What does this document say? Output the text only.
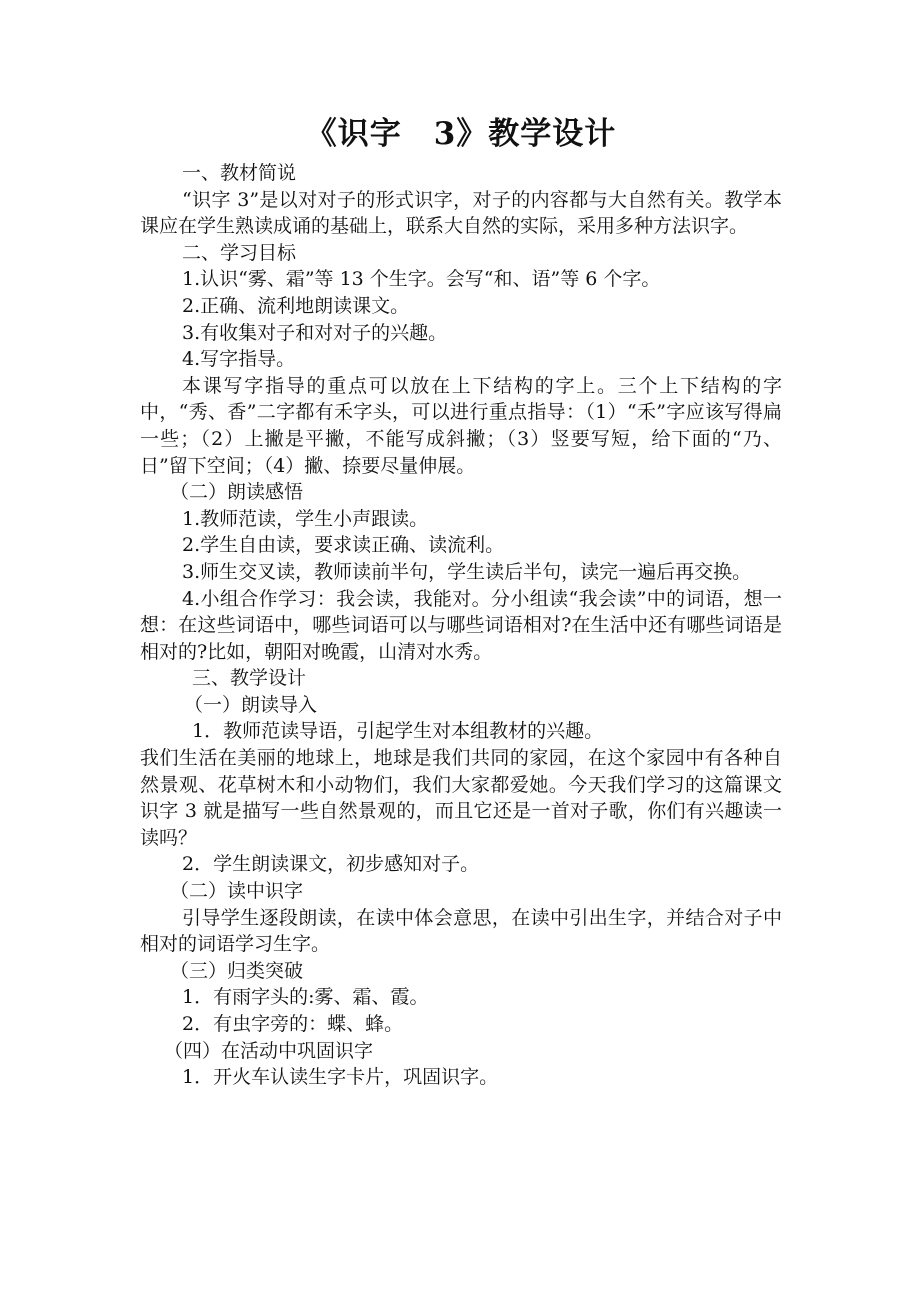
《识字　3》教学设计

一、教材简说

“识字 3”是以对对子的形式识字，对子的内容都与大自然有关。教学本课应在学生熟读成诵的基础上，联系大自然的实际，采用多种方法识字。

二、学习目标

1.认识“雾、霜”等 13 个生字。会写“和、语”等 6 个字。

2.正确、流利地朗读课文。

3.有收集对子和对对子的兴趣。

4.写字指导。

本课写字指导的重点可以放在上下结构的字上。三个上下结构的字中，“秀、香”二字都有禾字头，可以进行重点指导：（1）“禾”字应该写得扁一些；（2）上撇是平撇，不能写成斜撇；（3）竖要写短，给下面的“乃、日”留下空间；（4）撇、捺要尽量伸展。

（二）朗读感悟

1.教师范读，学生小声跟读。

2.学生自由读，要求读正确、读流利。

3.师生交叉读，教师读前半句，学生读后半句，读完一遍后再交换。

4.小组合作学习：我会读，我能对。分小组读“我会读”中的词语，想一想：在这些词语中，哪些词语可以与哪些词语相对?在生活中还有哪些词语是相对的?比如，朝阳对晚霞，山清对水秀。

三、教学设计

（一）朗读导入

1．教师范读导语，引起学生对本组教材的兴趣。

我们生活在美丽的地球上，地球是我们共同的家园，在这个家园中有各种自然景观、花草树木和小动物们，我们大家都爱她。今天我们学习的这篇课文识字 3 就是描写一些自然景观的，而且它还是一首对子歌，你们有兴趣读一读吗？

2．学生朗读课文，初步感知对子。

（二）读中识字

引导学生逐段朗读，在读中体会意思，在读中引出生字，并结合对子中相对的词语学习生字。

（三）归类突破

1．有雨字头的:雾、霜、霞。

2．有虫字旁的：蝶、蜂。

（四）在活动中巩固识字

1．开火车认读生字卡片，巩固识字。
